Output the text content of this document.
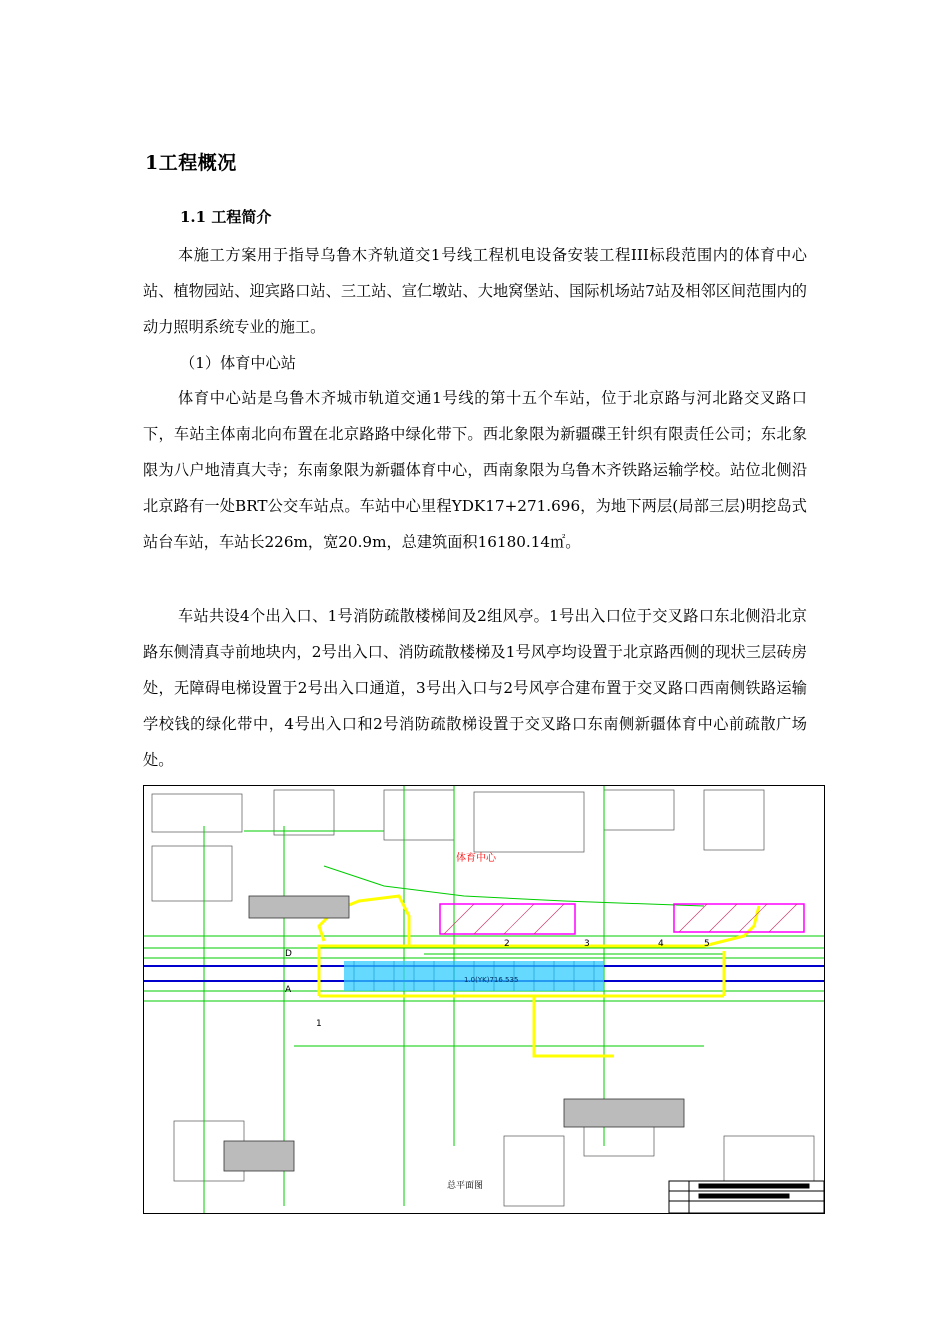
1工程概况
1.1 工程简介
本施工方案用于指导乌鲁木齐轨道交1号线工程机电设备安装工程III标段范围内的体育中心站、植物园站、迎宾路口站、三工站、宣仁墩站、大地窝堡站、国际机场站7站及相邻区间范围内的动力照明系统专业的施工。
（1）体育中心站
体育中心站是乌鲁木齐城市轨道交通1号线的第十五个车站，位于北京路与河北路交叉路口下，车站主体南北向布置在北京路路中绿化带下。西北象限为新疆碟王针织有限责任公司；东北象限为八户地清真大寺；东南象限为新疆体育中心，西南象限为乌鲁木齐铁路运输学校。站位北侧沿北京路有一处BRT公交车站点。车站中心里程YDK17+271.696，为地下两层(局部三层)明挖岛式站台车站，车站长226m，宽20.9m，总建筑面积16180.14㎡。
车站共设4个出入口、1号消防疏散楼梯间及2组风亭。1号出入口位于交叉路口东北侧沿北京路东侧清真寺前地块内，2号出入口、消防疏散楼梯及1号风亭均设置于北京路西侧的现状三层砖房处，无障碍电梯设置于2号出入口通道，3号出入口与2号风亭合建布置于交叉路口西南侧铁路运输学校钱的绿化带中，4号出入口和2号消防疏散梯设置于交叉路口东南侧新疆体育中心前疏散广场处。
体育中心
总平面图
1.0(YK)716.535
1
2	3	4	5
A
D
